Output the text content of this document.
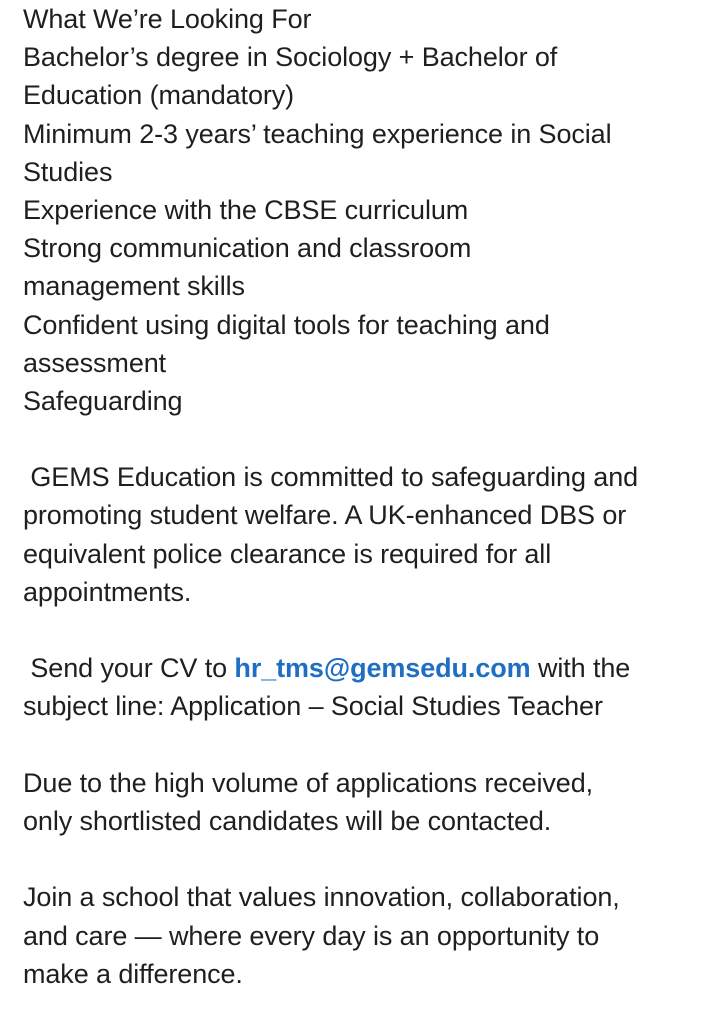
What We’re Looking For
Bachelor’s degree in Sociology + Bachelor of
Education (mandatory)
Minimum 2-3 years’ teaching experience in Social
Studies
Experience with the CBSE curriculum
Strong communication and classroom
management skills
Confident using digital tools for teaching and
assessment
Safeguarding
GEMS Education is committed to safeguarding and
promoting student welfare. A UK-enhanced DBS or
equivalent police clearance is required for all
appointments.
Send your CV to hr_tms@gemsedu.com with the
subject line: Application – Social Studies Teacher
Due to the high volume of applications received,
only shortlisted candidates will be contacted.
Join a school that values innovation, collaboration,
and care — where every day is an opportunity to
make a difference.
